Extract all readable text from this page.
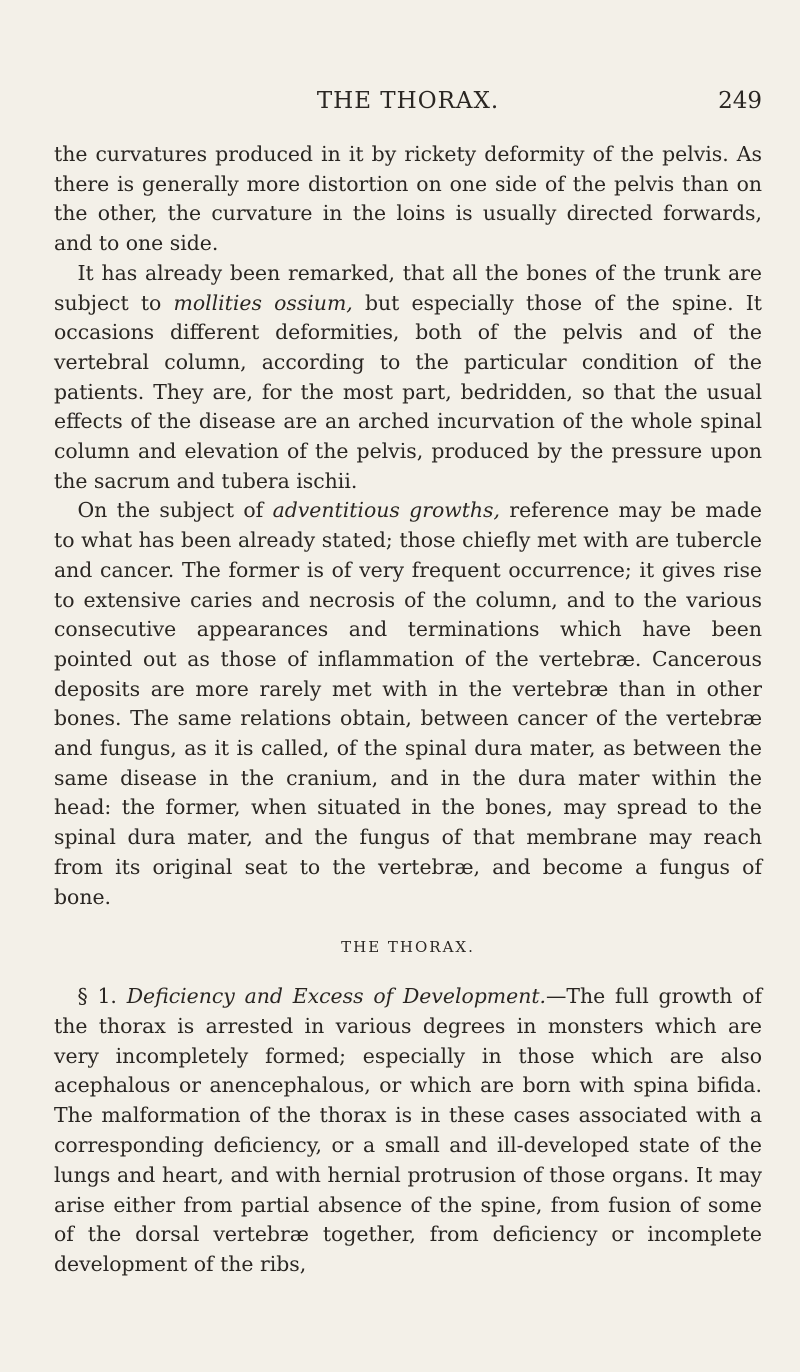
THE THORAX.	249

the curvatures produced in it by rickety deformity of the pelvis. As there is generally more distortion on one side of the pelvis than on the other, the curvature in the loins is usually directed forwards, and to one side.

It has already been remarked, that all the bones of the trunk are subject to mollities ossium, but especially those of the spine. It occasions different deformities, both of the pelvis and of the vertebral column, according to the particular condition of the patients. They are, for the most part, bedridden, so that the usual effects of the disease are an arched incurvation of the whole spinal column and elevation of the pelvis, produced by the pressure upon the sacrum and tubera ischii.

On the subject of adventitious growths, reference may be made to what has been already stated; those chiefly met with are tubercle and cancer. The former is of very frequent occurrence; it gives rise to extensive caries and necrosis of the column, and to the various consecutive appearances and terminations which have been pointed out as those of inflammation of the vertebræ. Cancerous deposits are more rarely met with in the vertebræ than in other bones. The same relations obtain, between cancer of the vertebræ and fungus, as it is called, of the spinal dura mater, as between the same disease in the cranium, and in the dura mater within the head: the former, when situated in the bones, may spread to the spinal dura mater, and the fungus of that membrane may reach from its original seat to the vertebræ, and become a fungus of bone.

THE THORAX.

§ 1. Deficiency and Excess of Development.—The full growth of the thorax is arrested in various degrees in monsters which are very incompletely formed; especially in those which are also acephalous or anencephalous, or which are born with spina bifida. The malformation of the thorax is in these cases associated with a corresponding deficiency, or a small and ill-developed state of the lungs and heart, and with hernial protrusion of those organs. It may arise either from partial absence of the spine, from fusion of some of the dorsal vertebræ together, from deficiency or incomplete development of the ribs,
